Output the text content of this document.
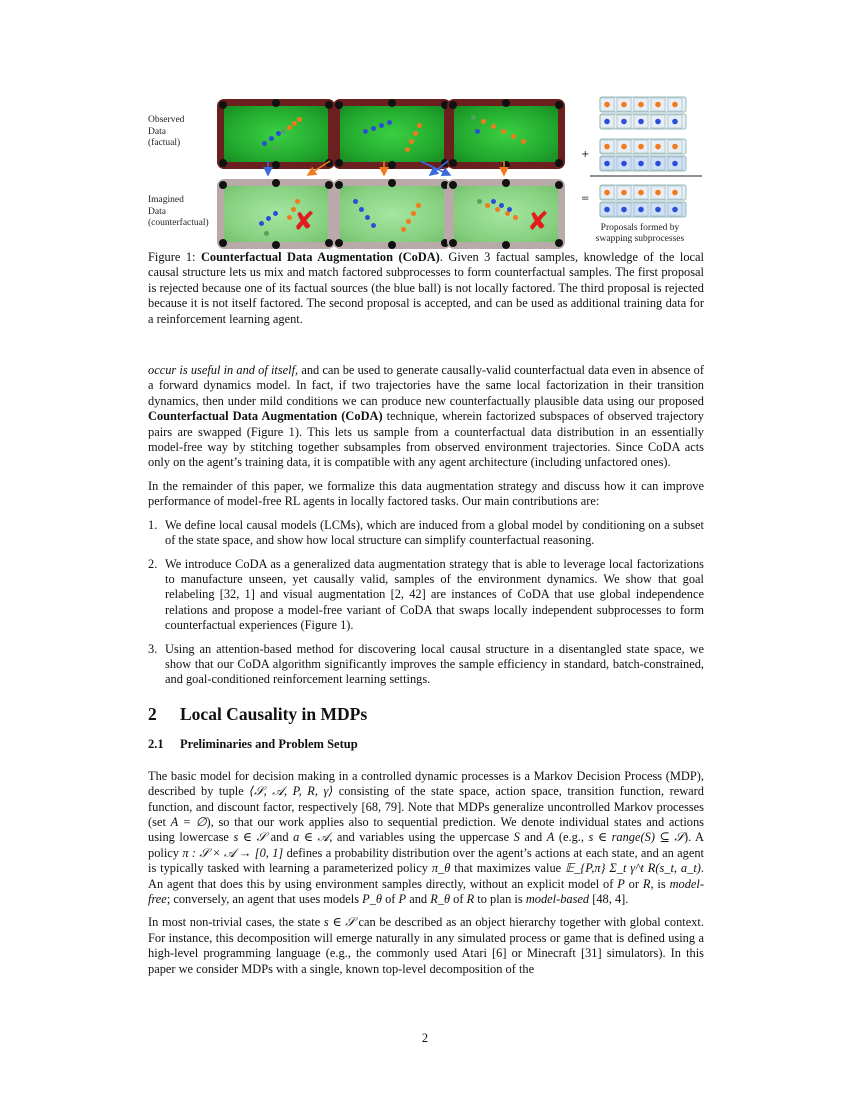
Observed
Data
(factual)
Imagined
Data
(counterfactual)	✘	✘
+
=
Proposals formed by
swapping subprocesses

Figure 1: Counterfactual Data Augmentation (CoDA). Given 3 factual samples, knowledge of the local causal structure lets us mix and match factored subprocesses to form counterfactual samples. The first proposal is rejected because one of its factual sources (the blue ball) is not locally factored. The third proposal is rejected because it is not itself factored. The second proposal is accepted, and can be used as additional training data for a reinforcement learning agent.

occur is useful in and of itself, and can be used to generate causally-valid counterfactual data even in absence of a forward dynamics model. In fact, if two trajectories have the same local factorization in their transition dynamics, then under mild conditions we can produce new counterfactually plausible data using our proposed Counterfactual Data Augmentation (CoDA) technique, wherein factorized subspaces of observed trajectory pairs are swapped (Figure 1). This lets us sample from a counterfactual data distribution in an essentially model-free way by stitching together subsamples from observed environment trajectories. Since CoDA acts only on the agent’s training data, it is compatible with any agent architecture (including unfactored ones).

In the remainder of this paper, we formalize this data augmentation strategy and discuss how it can improve performance of model-free RL agents in locally factored tasks. Our main contributions are:

1. We define local causal models (LCMs), which are induced from a global model by conditioning on a subset of the state space, and show how local structure can simplify counterfactual reasoning.
2. We introduce CoDA as a generalized data augmentation strategy that is able to leverage local factorizations to manufacture unseen, yet causally valid, samples of the environment dynamics. We show that goal relabeling [32, 1] and visual augmentation [2, 42] are instances of CoDA that use global independence relations and propose a model-free variant of CoDA that swaps locally independent subprocesses to form counterfactual experiences (Figure 1).
3. Using an attention-based method for discovering local causal structure in a disentangled state space, we show that our CoDA algorithm significantly improves the sample efficiency in standard, batch-constrained, and goal-conditioned reinforcement learning settings.
2 Local Causality in MDPs
2.1 Preliminaries and Problem Setup

The basic model for decision making in a controlled dynamic processes is a Markov Decision Process (MDP), described by tuple ⟨𝒮, 𝒜, P, R, γ⟩ consisting of the state space, action space, transition function, reward function, and discount factor, respectively [68, 79]. Note that MDPs generalize uncontrolled Markov processes (set A = ∅), so that our work applies also to sequential prediction. We denote individual states and actions using lowercase s ∈ 𝒮 and a ∈ 𝒜, and variables using the uppercase S and A (e.g., s ∈ range(S) ⊆ 𝒮). A policy π : 𝒮 × 𝒜 → [0, 1] defines a probability distribution over the agent’s actions at each state, and an agent is typically tasked with learning a parameterized policy π_θ that maximizes value 𝔼_{P,π} Σ_t γ^t R(s_t, a_t). An agent that does this by using environment samples directly, without an explicit model of P or R, is model-free; conversely, an agent that uses models P_θ of P and R_θ of R to plan is model-based [48, 4].

In most non-trivial cases, the state s ∈ 𝒮 can be described as an object hierarchy together with global context. For instance, this decomposition will emerge naturally in any simulated process or game that is defined using a high-level programming language (e.g., the commonly used Atari [6] or Minecraft [31] simulators). In this paper we consider MDPs with a single, known top-level decomposition of the

2
